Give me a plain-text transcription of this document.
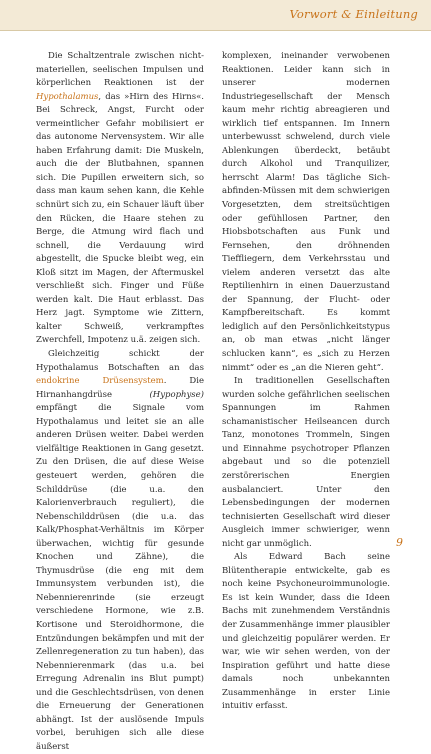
Vorwort & Einleitung

Die Schaltzentrale zwischen nicht-materiellen, seelischen Impulsen und körperlichen Reaktionen ist der Hypothalamus, das »Hirn des Hirns«. Bei Schreck, Angst, Furcht oder vermeintlicher Gefahr mobilisiert er das autonome Nervensystem. Wir alle haben Erfahrung damit: Die Muskeln, auch die der Blutbahnen, spannen sich. Die Pupillen erweitern sich, so dass man kaum sehen kann, die Kehle schnürt sich zu, ein Schauer läuft über den Rücken, die Haare stehen zu Berge, die Atmung wird flach und schnell, die Verdauung wird abgestellt, die Spucke bleibt weg, ein Kloß sitzt im Magen, der Aftermuskel verschließt sich. Finger und Füße werden kalt. Die Haut erblasst. Das Herz jagt. Symptome wie Zittern, kalter Schweiß, verkrampftes Zwerchfell, Impotenz u.ä. zeigen sich.

Gleichzeitig schickt der Hypothalamus Botschaften an das endokrine Drüsensystem. Die Hirnanhangdrüse (Hypophyse) empfängt die Signale vom Hypothalamus und leitet sie an alle anderen Drüsen weiter. Dabei werden vielfältige Reaktionen in Gang gesetzt. Zu den Drüsen, die auf diese Weise gesteuert werden, gehören die Schilddrüse (die u.a. den Kalorienverbrauch reguliert), die Nebenschilddrüsen (die u.a. das Kalk/Phosphat-Verhältnis im Körper überwachen, wichtig für gesunde Knochen und Zähne), die Thymusdrüse (die eng mit dem Immunsystem verbunden ist), die Nebennierenrinde (sie erzeugt verschiedene Hormone, wie z.B. Kortisone und Steroidhormone, die Entzündungen bekämpfen und mit der Zellenregeneration zu tun haben), das Nebennierenmark (das u.a. bei Erregung Adrenalin ins Blut pumpt) und die Geschlechtsdrüsen, von denen die Erneuerung der Generationen abhängt. Ist der auslösende Impuls vorbei, beruhigen sich alle diese äußerst

komplexen, ineinander verwobenen Reaktionen. Leider kann sich in unserer modernen Industriegesellschaft der Mensch kaum mehr richtig abreagieren und wirklich tief entspannen. Im Innern unterbewusst schwelend, durch viele Ablenkungen überdeckt, betäubt durch Alkohol und Tranquilizer, herrscht Alarm! Das tägliche Sich-abfinden-Müssen mit dem schwierigen Vorgesetzten, dem streitsüchtigen oder gefühllosen Partner, den Hiobsbotschaften aus Funk und Fernsehen, den dröhnenden Tieffliegern, dem Verkehrsstau und vielem anderen versetzt das alte Reptilienhirn in einen Dauerzustand der Spannung, der Flucht- oder Kampfbereitschaft. Es kommt lediglich auf den Persönlichkeitstypus an, ob man etwas „nicht länger schlucken kann“, es „sich zu Herzen nimmt“ oder es „an die Nieren geht“.

In traditionellen Gesellschaften wurden solche gefährlichen seelischen Spannungen im Rahmen schamanistischer Heilseancen durch Tanz, monotones Trommeln, Singen und Einnahme psychotroper Pflanzen abgebaut und so die potenziell zerstörerischen Energien ausbalanciert. Unter den Lebensbedingungen der modernen technisierten Gesellschaft wird dieser Ausgleich immer schwieriger, wenn nicht gar unmöglich.

Als Edward Bach seine Blütentherapie entwickelte, gab es noch keine Psychoneuroimmunologie. Es ist kein Wunder, dass die Ideen Bachs mit zunehmendem Verständnis der Zusammenhänge immer plausibler und gleichzeitig populärer werden. Er war, wie wir sehen werden, von der Inspiration geführt und hatte diese damals noch unbekannten Zusammenhänge in erster Linie intuitiv erfasst.

9
